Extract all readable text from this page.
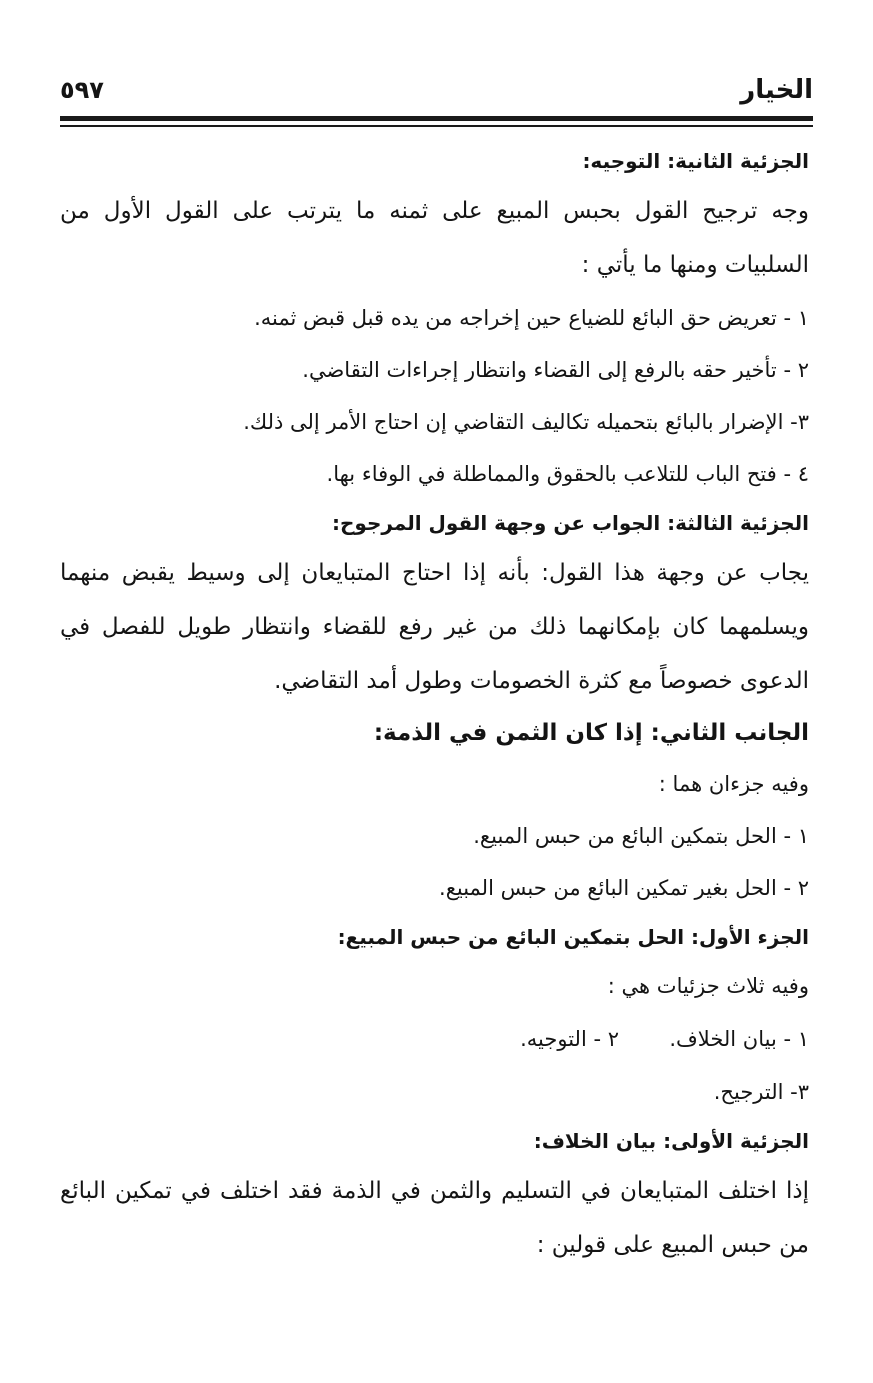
الخيار
٥٩٧
الجزئية الثانية: التوجيه:
وجه ترجيح القول بحبس المبيع على ثمنه ما يترتب على القول الأول من
السلبيات ومنها ما يأتي :
١ - تعريض حق البائع للضياع حين إخراجه من يده قبل قبض ثمنه.
٢ - تأخير حقه بالرفع إلى القضاء وانتظار إجراءات التقاضي.
٣- الإضرار بالبائع بتحميله تكاليف التقاضي إن احتاج الأمر إلى ذلك.
٤ - فتح الباب للتلاعب بالحقوق والمماطلة في الوفاء بها.
الجزئية الثالثة: الجواب عن وجهة القول المرجوح:
يجاب عن وجهة هذا القول: بأنه إذا احتاج المتبايعان إلى وسيط يقبض منهما
ويسلمهما كان بإمكانهما ذلك من غير رفع للقضاء وانتظار طويل للفصل في
الدعوى خصوصاً مع كثرة الخصومات وطول أمد التقاضي.
الجانب الثاني: إذا كان الثمن في الذمة:
وفيه جزءان هما :
١ - الحل بتمكين البائع من حبس المبيع.
٢ - الحل بغير تمكين البائع من حبس المبيع.
الجزء الأول: الحل بتمكين البائع من حبس المبيع:
وفيه ثلاث جزئيات هي :
١ - بيان الخلاف.
٢ - التوجيه.
٣- الترجيح.
الجزئية الأولى: بيان الخلاف:
إذا اختلف المتبايعان في التسليم والثمن في الذمة فقد اختلف في تمكين البائع
من حبس المبيع على قولين :
